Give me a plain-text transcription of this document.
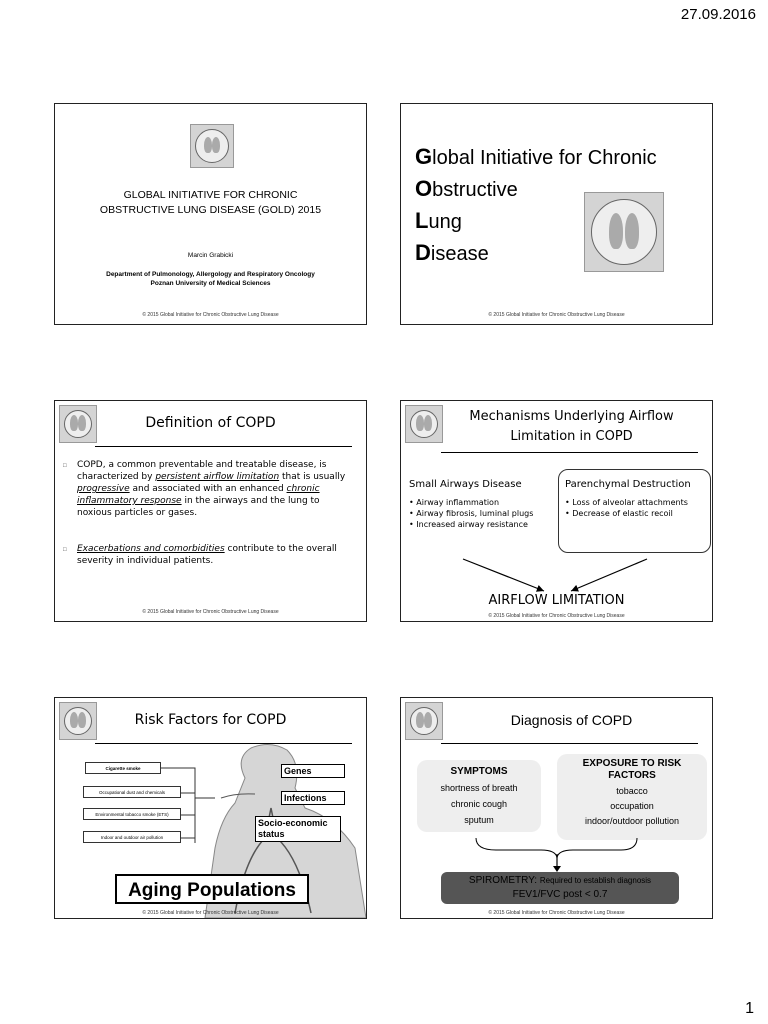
27.09.2016
GLOBAL INITIATIVE FOR CHRONIC
OBSTRUCTIVE LUNG DISEASE (GOLD) 2015
Marcin Grabicki
Department of Pulmonology, Allergology and Respiratory Oncology
Poznan University of Medical Sciences
© 2015 Global Initiative for Chronic Obstructive Lung Disease
Global Initiative for Chronic
Obstructive
Lung
Disease
© 2015 Global Initiative for Chronic Obstructive Lung Disease
Definition of COPD
□ COPD, a common preventable and treatable disease, is characterized by persistent airflow limitation that is usually progressive and associated with an enhanced chronic inflammatory response in the airways and the lung to noxious particles or gases.
□ Exacerbations and comorbidities contribute to the overall severity in individual patients.
© 2015 Global Initiative for Chronic Obstructive Lung Disease
Mechanisms Underlying Airflow
Limitation in COPD
Small Airways Disease
• Airway inflammation
• Airway fibrosis, luminal plugs
• Increased airway resistance
Parenchymal Destruction
• Loss of alveolar attachments
• Decrease of elastic recoil
AIRFLOW LIMITATION
© 2015 Global Initiative for Chronic Obstructive Lung Disease
Risk Factors for COPD
Cigarette smoke
Occupational dust and chemicals
Environmental tobacco smoke (ETS)
Indoor and outdoor air pollution
Genes
Infections
Socio-economic
status
Aging Populations
© 2015 Global Initiative for Chronic Obstructive Lung Disease
Diagnosis of COPD
SYMPTOMS
shortness of breath
chronic cough
sputum
EXPOSURE TO RISK
FACTORS
tobacco
occupation
indoor/outdoor pollution
SPIROMETRY: Required to establish diagnosis
FEV1/FVC post < 0.7
© 2015 Global Initiative for Chronic Obstructive Lung Disease
1
